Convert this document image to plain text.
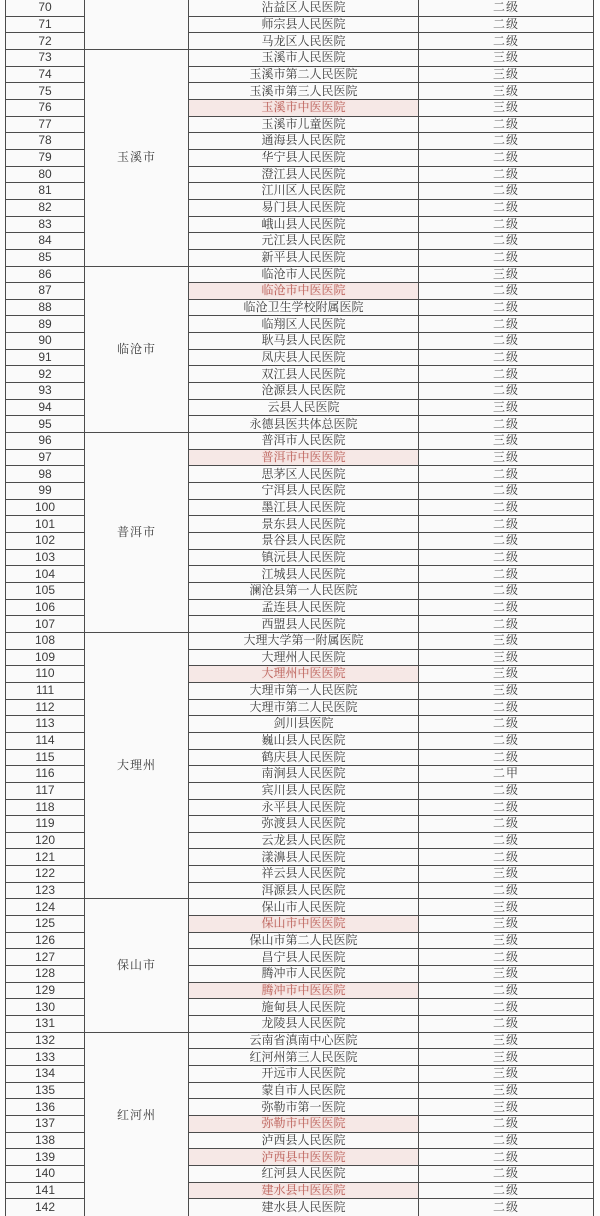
70		沾益区人民医院	二级
71		师宗县人民医院	二级
72		马龙区人民医院	二级
73	玉溪市	玉溪市人民医院	三级
74		玉溪市第二人民医院	三级
75		玉溪市第三人民医院	三级
76		玉溪市中医医院	三级
77		玉溪市儿童医院	二级
78		通海县人民医院	二级
79		华宁县人民医院	二级
80		澄江县人民医院	二级
81		江川区人民医院	二级
82		易门县人民医院	二级
83		峨山县人民医院	二级
84		元江县人民医院	二级
85		新平县人民医院	二级
86	临沧市	临沧市人民医院	三级
87		临沧市中医医院	二级
88		临沧卫生学校附属医院	二级
89		临翔区人民医院	二级
90		耿马县人民医院	二级
91		凤庆县人民医院	二级
92		双江县人民医院	二级
93		沧源县人民医院	二级
94		云县人民医院	三级
95		永德县医共体总医院	二级
96	普洱市	普洱市人民医院	三级
97		普洱市中医医院	三级
98		思茅区人民医院	二级
99		宁洱县人民医院	二级
100		墨江县人民医院	二级
101		景东县人民医院	二级
102		景谷县人民医院	二级
103		镇沅县人民医院	二级
104		江城县人民医院	二级
105		澜沧县第一人民医院	二级
106		孟连县人民医院	二级
107		西盟县人民医院	二级
108	大理州	大理大学第一附属医院	三级
109		大理州人民医院	三级
110		大理州中医医院	三级
111		大理市第一人民医院	三级
112		大理市第二人民医院	二级
113		剑川县医院	二级
114		巍山县人民医院	二级
115		鹤庆县人民医院	二级
116		南涧县人民医院	二甲
117		宾川县人民医院	二级
118		永平县人民医院	二级
119		弥渡县人民医院	二级
120		云龙县人民医院	二级
121		漾濞县人民医院	二级
122		祥云县人民医院	三级
123		洱源县人民医院	二级
124	保山市	保山市人民医院	三级
125		保山市中医医院	三级
126		保山市第二人民医院	三级
127		昌宁县人民医院	二级
128		腾冲市人民医院	三级
129		腾冲市中医医院	二级
130		施甸县人民医院	二级
131		龙陵县人民医院	二级
132	红河州	云南省滇南中心医院	三级
133		红河州第三人民医院	三级
134		开远市人民医院	三级
135		蒙自市人民医院	三级
136		弥勒市第一医院	三级
137		弥勒市中医医院	二级
138		泸西县人民医院	二级
139		泸西县中医医院	二级
140		红河县人民医院	二级
141		建水县中医医院	二级
142		建水县人民医院	二级
